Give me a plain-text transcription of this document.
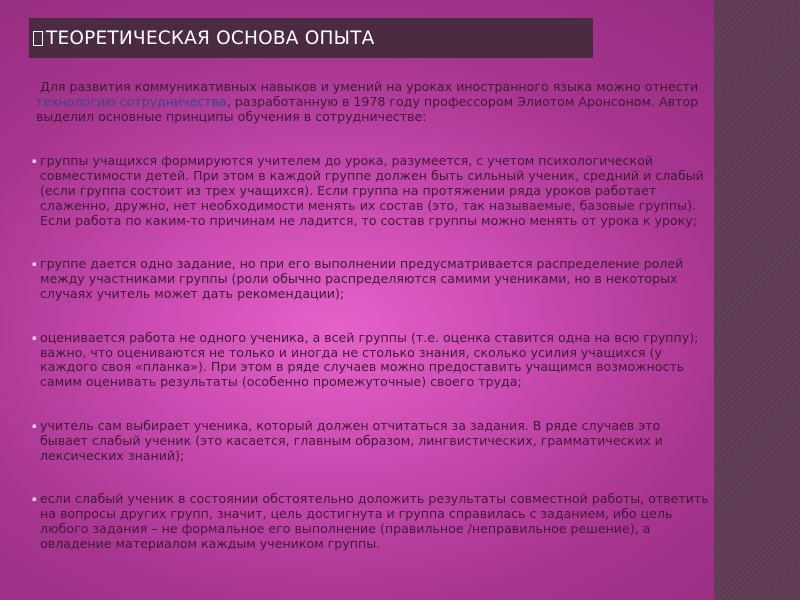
ТЕОРЕТИЧЕСКАЯ ОСНОВА ОПЫТА

Для развития коммуникативных навыков и умений на уроках иностранного языка можно отнести технологию сотрудничества, разработанную в 1978 году профессором Элиотом Аронсоном. Автор выделил основные принципы обучения в сотрудничестве:

▪ группы учащихся формируются учителем до урока, разумеется, с учетом психологической совместимости детей. При этом в каждой группе должен быть сильный ученик, средний и слабый (если группа состоит из трех учащихся). Если группа на протяжении ряда уроков работает слаженно, дружно, нет необходимости менять их состав (это, так называемые, базовые группы). Если работа по каким-то причинам не ладится, то состав группы можно менять от урока к уроку;
▪ группе дается одно задание, но при его выполнении предусматривается распределение ролей между участниками группы (роли обычно распределяются самими учениками, но в некоторых случаях учитель может дать рекомендации);
▪ оценивается работа не одного ученика, а всей группы (т.е. оценка ставится одна на всю группу); важно, что оцениваются не только и иногда не столько знания, сколько усилия учащихся (у каждого своя «планка»). При этом в ряде случаев можно предоставить учащимся возможность самим оценивать результаты (особенно промежуточные) своего труда;
▪ учитель сам выбирает ученика, который должен отчитаться за задания. В ряде случаев это бывает слабый ученик (это касается, главным образом, лингвистических, грамматических и лексических знаний);
▪ если слабый ученик в состоянии обстоятельно доложить результаты совместной работы, ответить на вопросы других групп, значит, цель достигнута и группа справилась с заданием, ибо цель любого задания – не формальное его выполнение (правильное /неправильное решение), а овладение материалом каждым учеником группы.
